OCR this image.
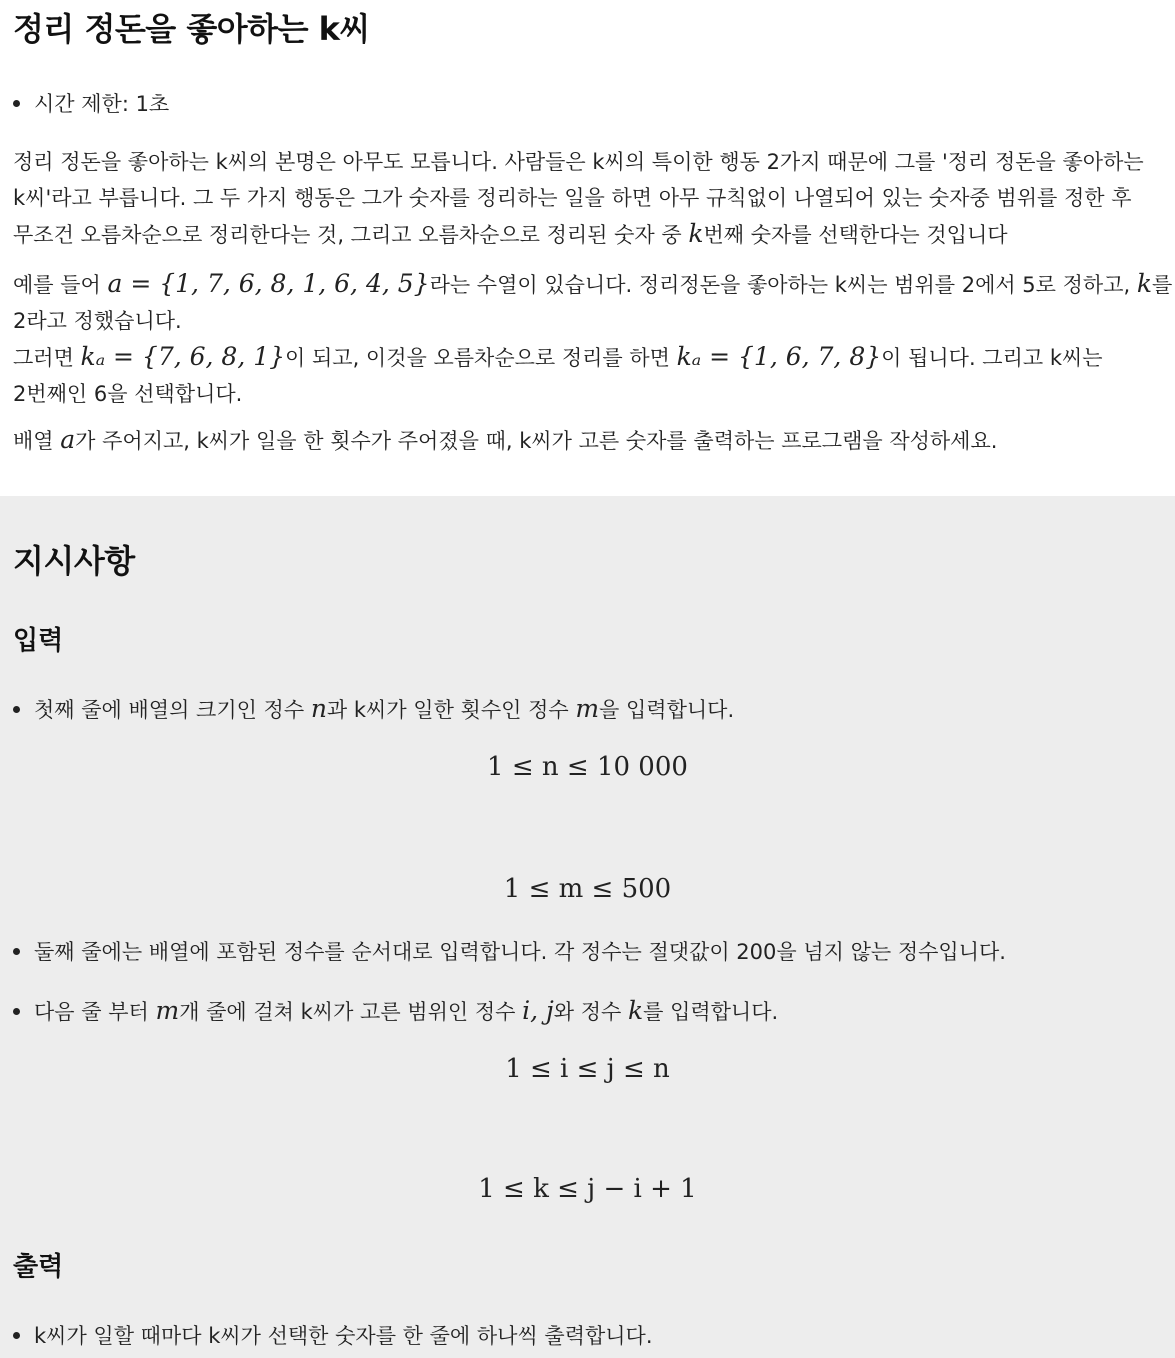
정리 정돈을 좋아하는 k씨
시간 제한: 1초

정리 정돈을 좋아하는 k씨의 본명은 아무도 모릅니다. 사람들은 k씨의 특이한 행동 2가지 때문에 그를 '정리 정돈을 좋아하는
k씨'라고 부릅니다. 그 두 가지 행동은 그가 숫자를 정리하는 일을 하면 아무 규칙없이 나열되어 있는 숫자중 범위를 정한 후
무조건 오름차순으로 정리한다는 것, 그리고 오름차순으로 정리된 숫자 중 k번째 숫자를 선택한다는 것입니다

예를 들어 a = {1, 7, 6, 8, 1, 6, 4, 5}라는 수열이 있습니다. 정리정돈을 좋아하는 k씨는 범위를 2에서 5로 정하고, k를
2라고 정했습니다.
그러면 kₐ = {7, 6, 8, 1}이 되고, 이것을 오름차순으로 정리를 하면 kₐ = {1, 6, 7, 8}이 됩니다. 그리고 k씨는
2번째인 6을 선택합니다.

배열 a가 주어지고, k씨가 일을 한 횟수가 주어졌을 때, k씨가 고른 숫자를 출력하는 프로그램을 작성하세요.

지시사항
입력
첫째 줄에 배열의 크기인 정수 n과 k씨가 일한 횟수인 정수 m을 입력합니다.
1 ≤ n ≤ 10 000
1 ≤ m ≤ 500
둘째 줄에는 배열에 포함된 정수를 순서대로 입력합니다. 각 정수는 절댓값이 200을 넘지 않는 정수입니다.
다음 줄 부터 m개 줄에 걸쳐 k씨가 고른 범위인 정수 i, j와 정수 k를 입력합니다.
1 ≤ i ≤ j ≤ n
1 ≤ k ≤ j − i + 1
출력
k씨가 일할 때마다 k씨가 선택한 숫자를 한 줄에 하나씩 출력합니다.
